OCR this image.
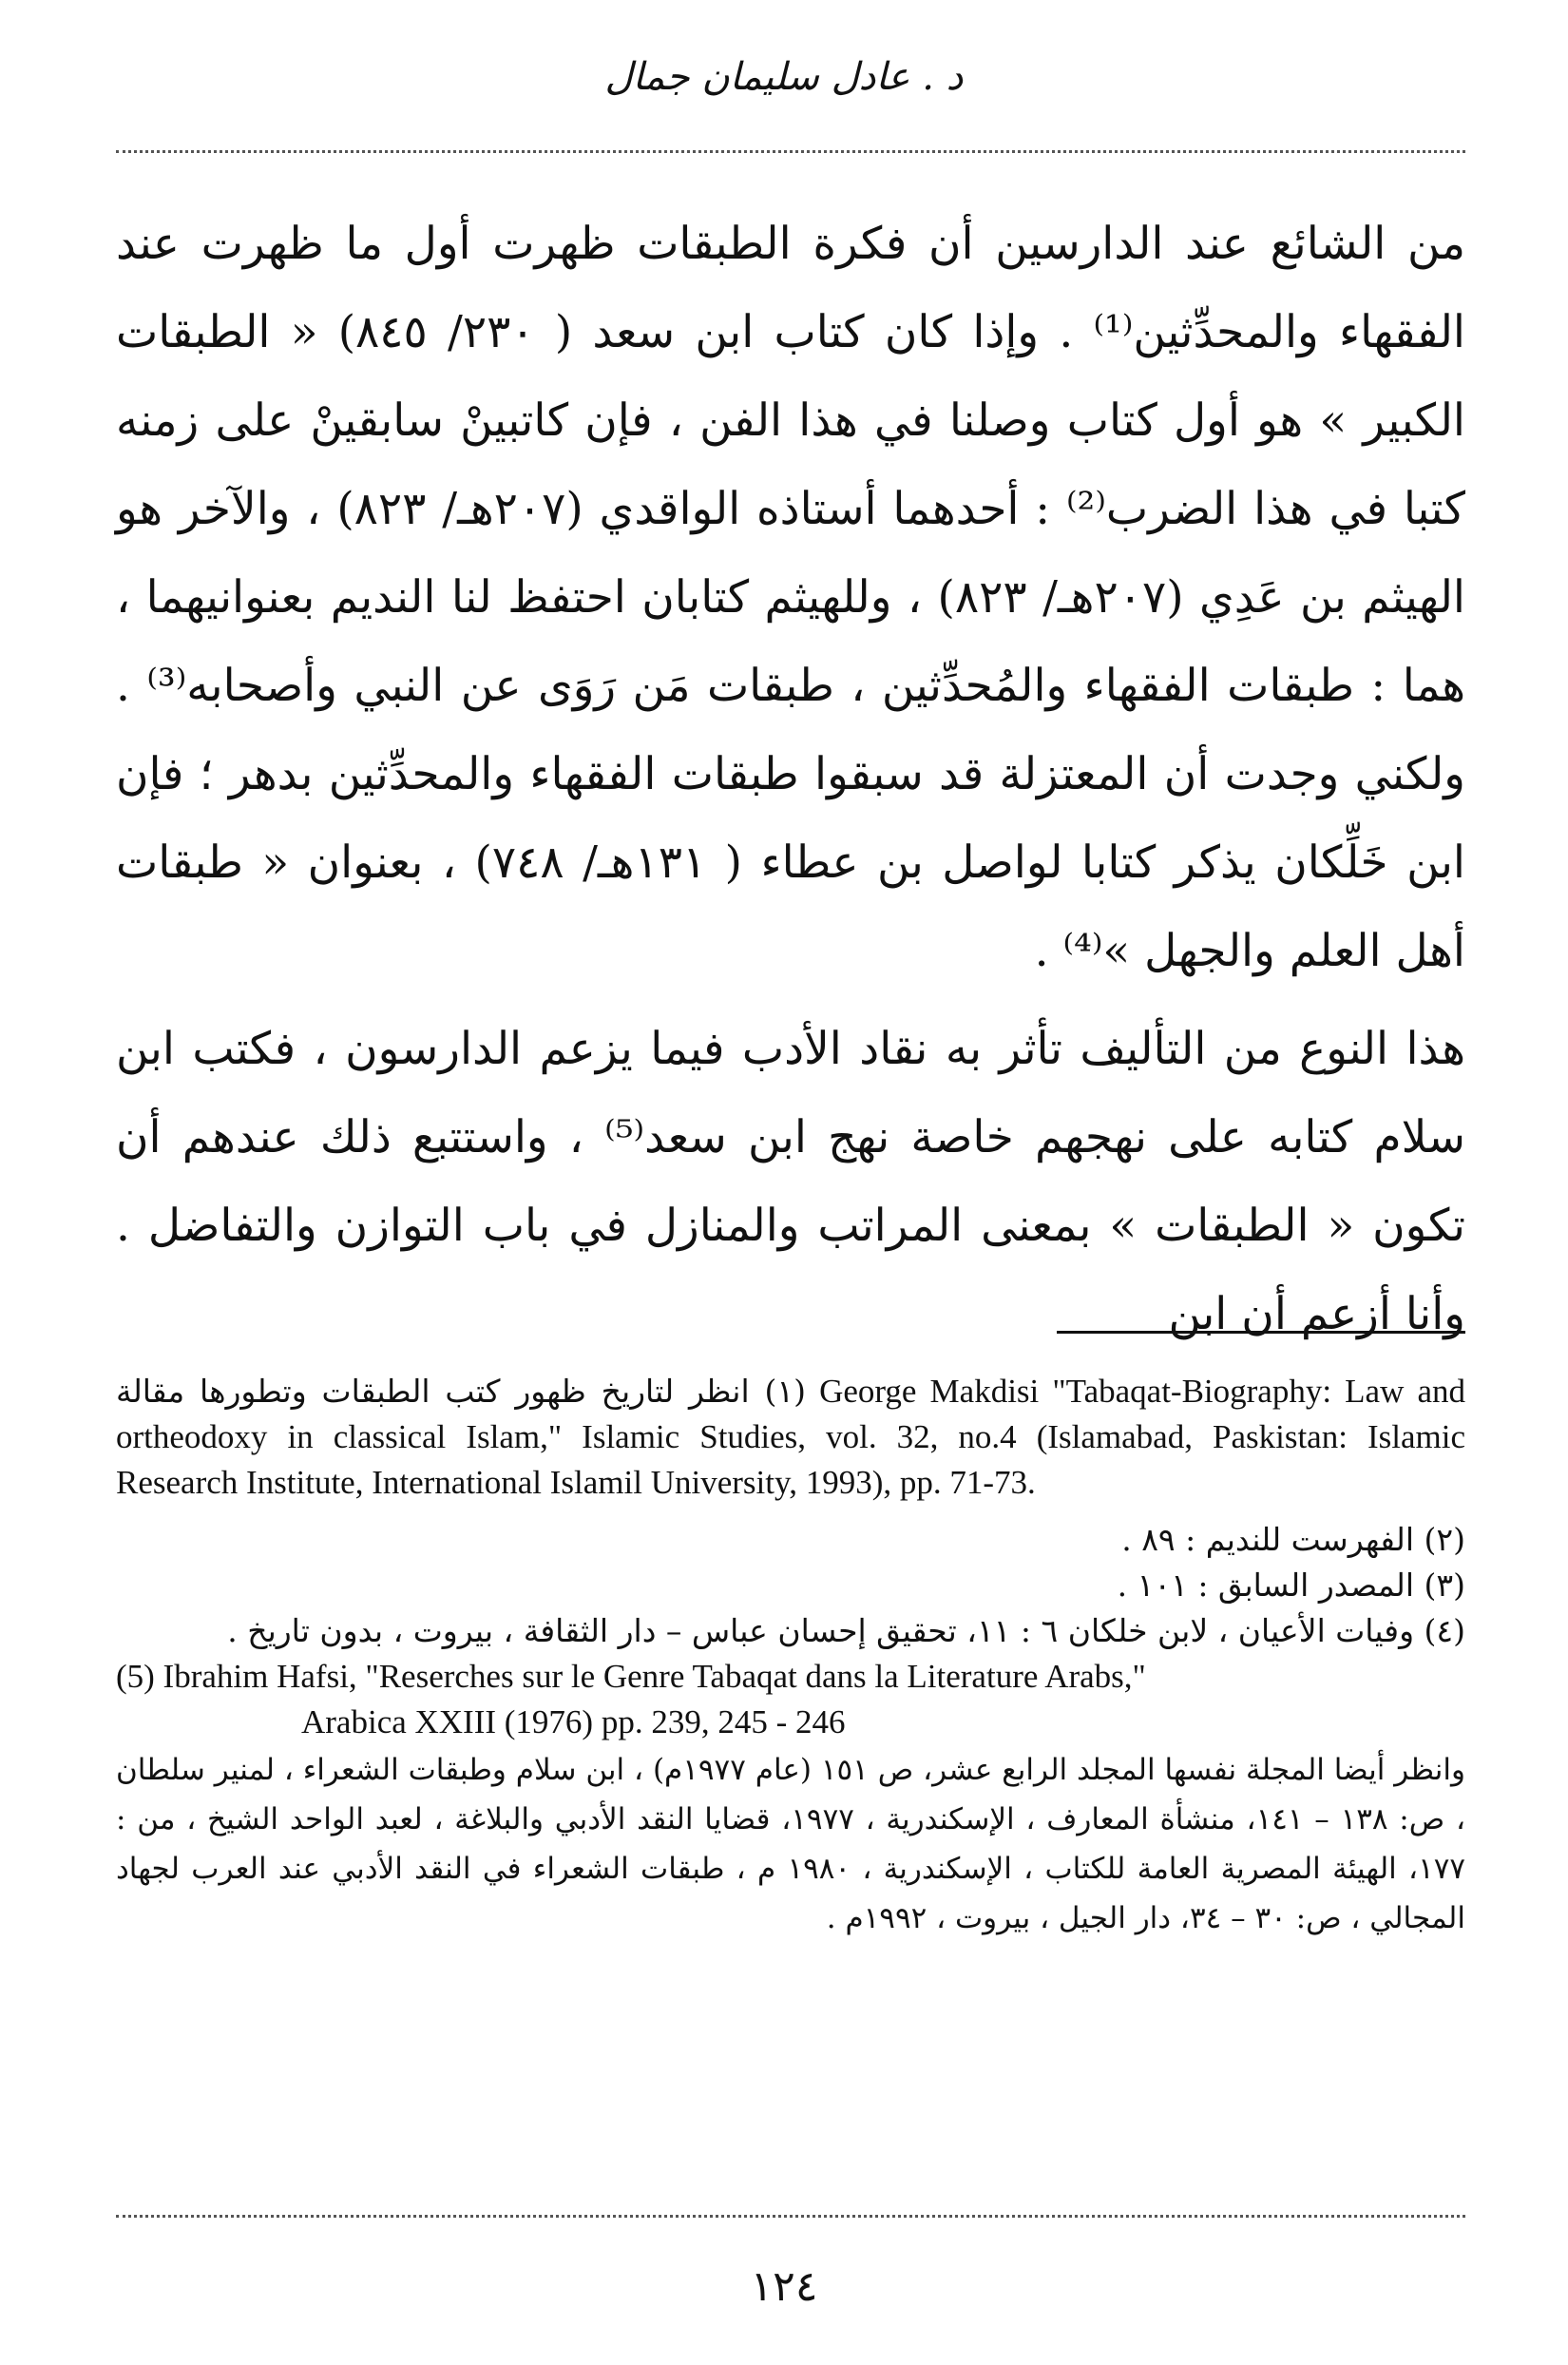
د . عادل سليمان جمال

من الشائع عند الدارسين أن فكرة الطبقات ظهرت أول ما ظهرت عند الفقهاء والمحدِّثين⁽¹⁾ . وإذا كان كتاب ابن سعد ( ٢٣٠/ ٨٤٥) « الطبقات الكبير » هو أول كتاب وصلنا في هذا الفن ، فإن كاتبينْ سابقينْ على زمنه كتبا في هذا الضرب⁽²⁾ : أحدهما أستاذه الواقدي (٢٠٧هـ/ ٨٢٣) ، والآخر هو الهيثم بن عَدِي (٢٠٧هـ/ ٨٢٣) ، وللهيثم كتابان احتفظ لنا النديم بعنوانيهما ، هما : طبقات الفقهاء والمُحدِّثين ، طبقات مَن رَوَى عن النبي وأصحابه⁽³⁾ . ولكني وجدت أن المعتزلة قد سبقوا طبقات الفقهاء والمحدِّثين بدهر ؛ فإن ابن خَلِّكان يذكر كتابا لواصل بن عطاء ( ١٣١هـ/ ٧٤٨) ، بعنوان « طبقات أهل العلم والجهل »⁽⁴⁾ .

هذا النوع من التأليف تأثر به نقاد الأدب فيما يزعم الدارسون ، فكتب ابن سلام كتابه على نهجهم خاصة نهج ابن سعد⁽⁵⁾ ، واستتبع ذلك عندهم أن تكون « الطبقات » بمعنى المراتب والمنازل في باب التوازن والتفاضل . وأنا أزعم أن ابن

(١) انظر لتاريخ ظهور كتب الطبقات وتطورها مقالة George Makdisi "Tabaqat-Biography: Law and ortheodoxy in classical Islam," Islamic Studies, vol. 32, no.4 (Islamabad, Paskistan: Islamic Research Institute, International Islamil University, 1993), pp. 71-73.

(٢) الفهرست للنديم : ٨٩ .

(٣) المصدر السابق : ١٠١ .

(٤) وفيات الأعيان ، لابن خلكان ٦ : ١١، تحقيق إحسان عباس – دار الثقافة ، بيروت ، بدون تاريخ .

(5) Ibrahim Hafsi, "Reserches sur le Genre Tabaqat dans la Literature Arabs,"

Arabica XXIII (1976) pp. 239, 245 - 246

وانظر أيضا المجلة نفسها المجلد الرابع عشر، ص ١٥١ (عام ١٩٧٧م) ، ابن سلام وطبقات الشعراء ، لمنير سلطان ، ص: ١٣٨ – ١٤١، منشأة المعارف ، الإسكندرية ، ١٩٧٧، قضايا النقد الأدبي والبلاغة ، لعبد الواحد الشيخ ، من : ١٧٧، الهيئة المصرية العامة للكتاب ، الإسكندرية ، ١٩٨٠ م ، طبقات الشعراء في النقد الأدبي عند العرب لجهاد المجالي ، ص: ٣٠ – ٣٤، دار الجيل ، بيروت ، ١٩٩٢م .

١٢٤
